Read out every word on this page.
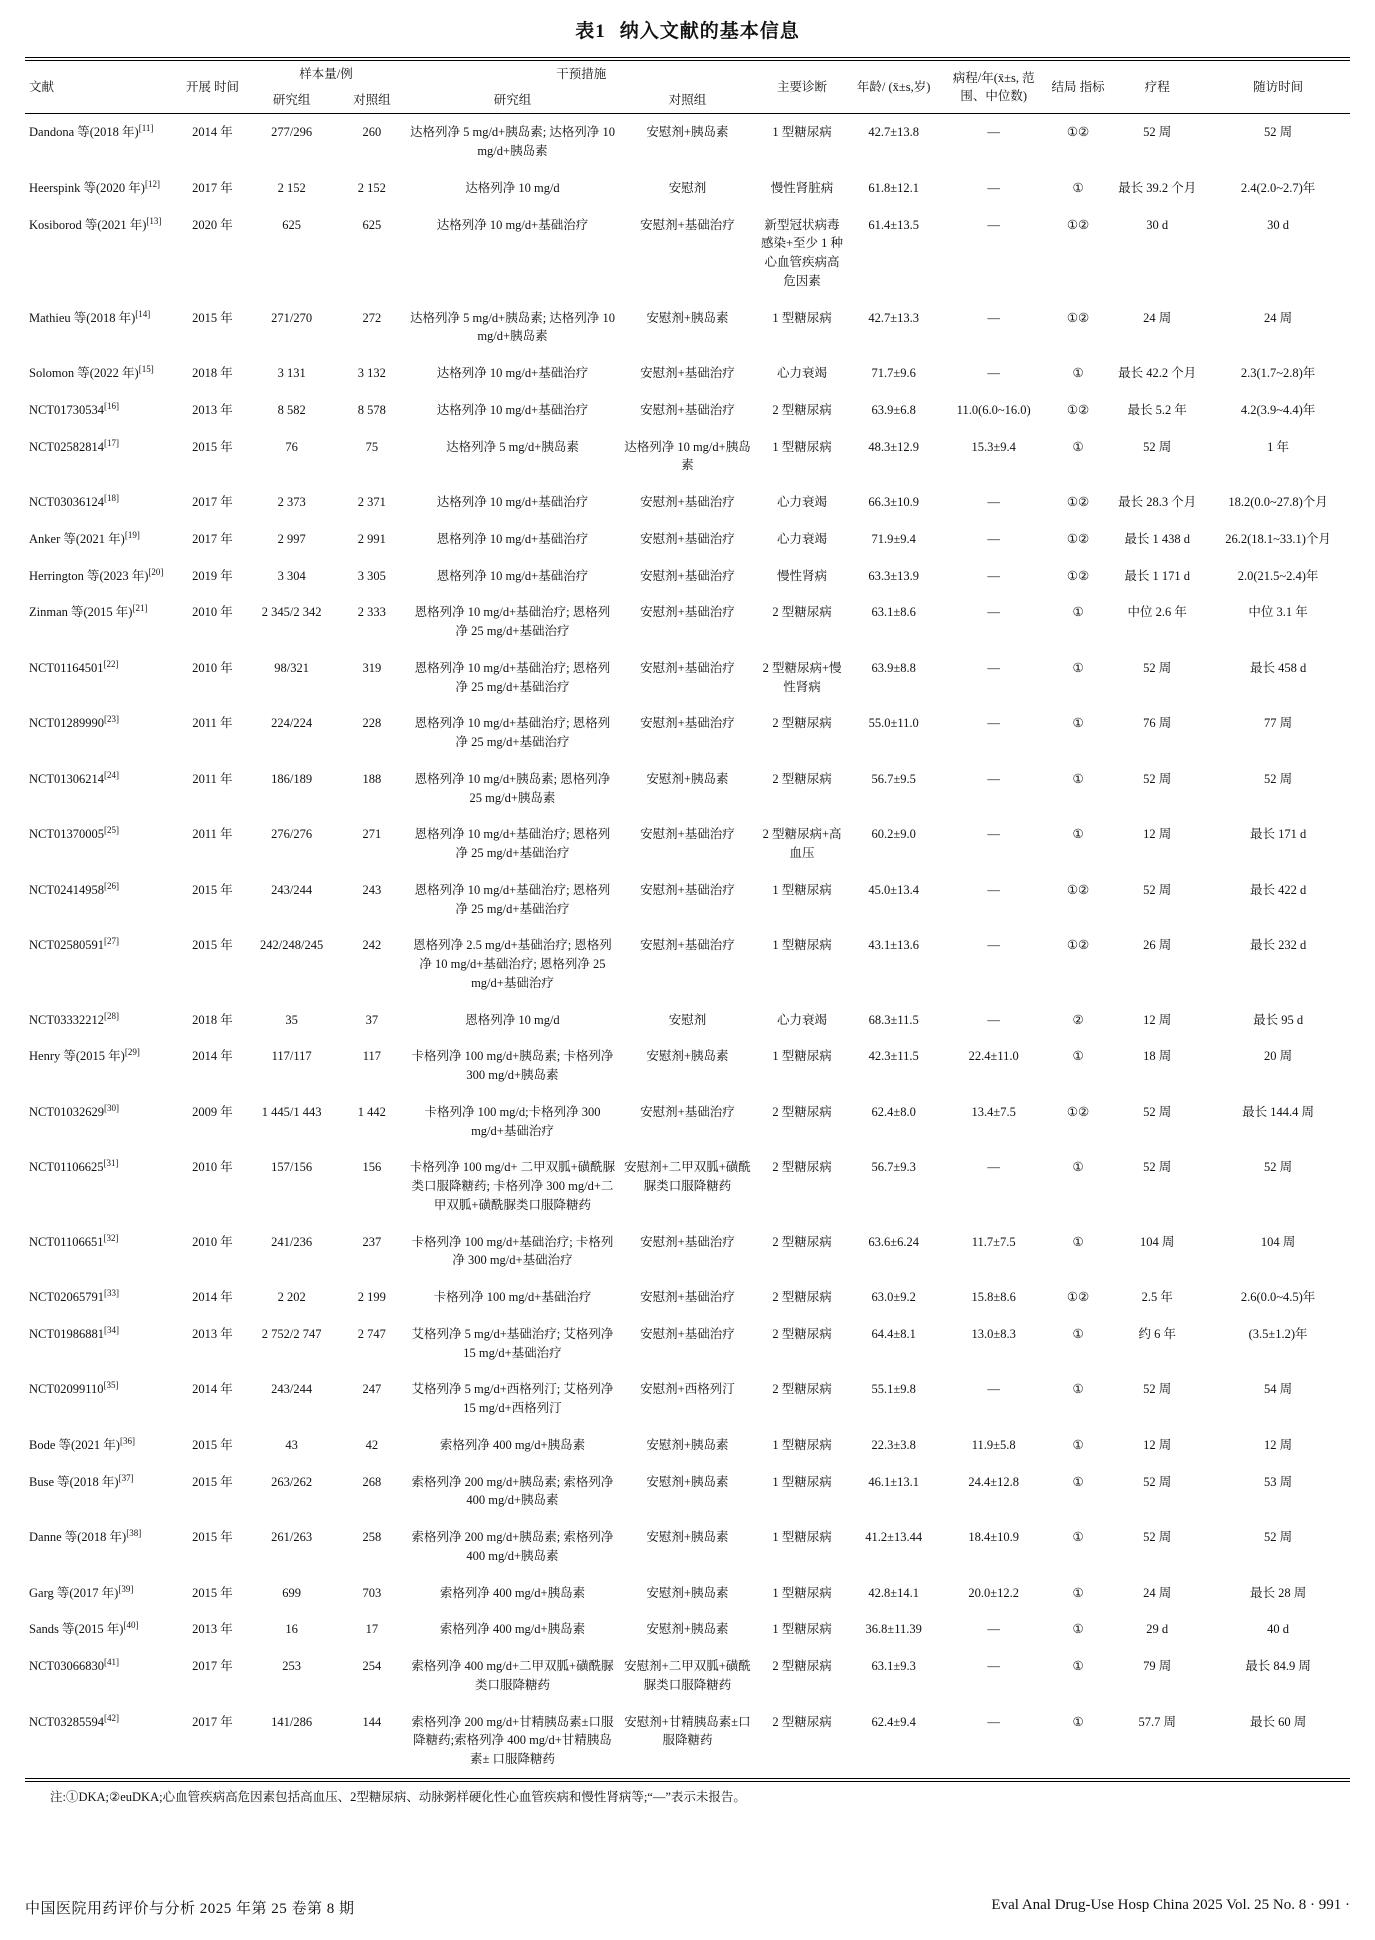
表1 纳入文献的基本信息
文献	开展 时间	样本量/例		干预措施		主要诊断	年龄/ (x̄±s,岁)	病程/年(x̄±s, 范围、中位数)	结局 指标	疗程	随访时间
		研究组	对照组	研究组	对照组						
Dandona 等(2018 年)[11]	2014 年	277/296	260	达格列净 5 mg/d+胰岛素; 达格列净 10 mg/d+胰岛素	安慰剂+胰岛素	1 型糖尿病	42.7±13.8	—	①②	52 周	52 周
Heerspink 等(2020 年)[12]	2017 年	2 152	2 152	达格列净 10 mg/d	安慰剂	慢性肾脏病	61.8±12.1	—	①	最长 39.2 个月	2.4(2.0~2.7)年
Kosiborod 等(2021 年)[13]	2020 年	625	625	达格列净 10 mg/d+基础治疗	安慰剂+基础治疗	新型冠状病毒感染+至少 1 种心血管疾病高危因素	61.4±13.5	—	①②	30 d	30 d
Mathieu 等(2018 年)[14]	2015 年	271/270	272	达格列净 5 mg/d+胰岛素; 达格列净 10 mg/d+胰岛素	安慰剂+胰岛素	1 型糖尿病	42.7±13.3	—	①②	24 周	24 周
Solomon 等(2022 年)[15]	2018 年	3 131	3 132	达格列净 10 mg/d+基础治疗	安慰剂+基础治疗	心力衰竭	71.7±9.6	—	①	最长 42.2 个月	2.3(1.7~2.8)年
NCT01730534[16]	2013 年	8 582	8 578	达格列净 10 mg/d+基础治疗	安慰剂+基础治疗	2 型糖尿病	63.9±6.8	11.0(6.0~16.0)	①②	最长 5.2 年	4.2(3.9~4.4)年
NCT02582814[17]	2015 年	76	75	达格列净 5 mg/d+胰岛素	达格列净 10 mg/d+胰岛素	1 型糖尿病	48.3±12.9	15.3±9.4	①	52 周	1 年
NCT03036124[18]	2017 年	2 373	2 371	达格列净 10 mg/d+基础治疗	安慰剂+基础治疗	心力衰竭	66.3±10.9	—	①②	最长 28.3 个月	18.2(0.0~27.8)个月
Anker 等(2021 年)[19]	2017 年	2 997	2 991	恩格列净 10 mg/d+基础治疗	安慰剂+基础治疗	心力衰竭	71.9±9.4	—	①②	最长 1 438 d	26.2(18.1~33.1)个月
Herrington 等(2023 年)[20]	2019 年	3 304	3 305	恩格列净 10 mg/d+基础治疗	安慰剂+基础治疗	慢性肾病	63.3±13.9	—	①②	最长 1 171 d	2.0(21.5~2.4)年
Zinman 等(2015 年)[21]	2010 年	2 345/2 342	2 333	恩格列净 10 mg/d+基础治疗; 恩格列净 25 mg/d+基础治疗	安慰剂+基础治疗	2 型糖尿病	63.1±8.6	—	①	中位 2.6 年	中位 3.1 年
NCT01164501[22]	2010 年	98/321	319	恩格列净 10 mg/d+基础治疗; 恩格列净 25 mg/d+基础治疗	安慰剂+基础治疗	2 型糖尿病+慢性肾病	63.9±8.8	—	①	52 周	最长 458 d
NCT01289990[23]	2011 年	224/224	228	恩格列净 10 mg/d+基础治疗; 恩格列净 25 mg/d+基础治疗	安慰剂+基础治疗	2 型糖尿病	55.0±11.0	—	①	76 周	77 周
NCT01306214[24]	2011 年	186/189	188	恩格列净 10 mg/d+胰岛素; 恩格列净 25 mg/d+胰岛素	安慰剂+胰岛素	2 型糖尿病	56.7±9.5	—	①	52 周	52 周
NCT01370005[25]	2011 年	276/276	271	恩格列净 10 mg/d+基础治疗; 恩格列净 25 mg/d+基础治疗	安慰剂+基础治疗	2 型糖尿病+高血压	60.2±9.0	—	①	12 周	最长 171 d
NCT02414958[26]	2015 年	243/244	243	恩格列净 10 mg/d+基础治疗; 恩格列净 25 mg/d+基础治疗	安慰剂+基础治疗	1 型糖尿病	45.0±13.4	—	①②	52 周	最长 422 d
NCT02580591[27]	2015 年	242/248/245	242	恩格列净 2.5 mg/d+基础治疗; 恩格列净 10 mg/d+基础治疗; 恩格列净 25 mg/d+基础治疗	安慰剂+基础治疗	1 型糖尿病	43.1±13.6	—	①②	26 周	最长 232 d
NCT03332212[28]	2018 年	35	37	恩格列净 10 mg/d	安慰剂	心力衰竭	68.3±11.5	—	②	12 周	最长 95 d
Henry 等(2015 年)[29]	2014 年	117/117	117	卡格列净 100 mg/d+胰岛素; 卡格列净 300 mg/d+胰岛素	安慰剂+胰岛素	1 型糖尿病	42.3±11.5	22.4±11.0	①	18 周	20 周
NCT01032629[30]	2009 年	1 445/1 443	1 442	卡格列净 100 mg/d;卡格列净 300 mg/d+基础治疗	安慰剂+基础治疗	2 型糖尿病	62.4±8.0	13.4±7.5	①②	52 周	最长 144.4 周
NCT01106625[31]	2010 年	157/156	156	卡格列净 100 mg/d+ 二甲双胍+磺酰脲类口服降糖药; 卡格列净 300 mg/d+二甲双胍+磺酰脲类口服降糖药	安慰剂+二甲双胍+磺酰脲类口服降糖药	2 型糖尿病	56.7±9.3	—	①	52 周	52 周
NCT01106651[32]	2010 年	241/236	237	卡格列净 100 mg/d+基础治疗; 卡格列净 300 mg/d+基础治疗	安慰剂+基础治疗	2 型糖尿病	63.6±6.24	11.7±7.5	①	104 周	104 周
NCT02065791[33]	2014 年	2 202	2 199	卡格列净 100 mg/d+基础治疗	安慰剂+基础治疗	2 型糖尿病	63.0±9.2	15.8±8.6	①②	2.5 年	2.6(0.0~4.5)年
NCT01986881[34]	2013 年	2 752/2 747	2 747	艾格列净 5 mg/d+基础治疗; 艾格列净 15 mg/d+基础治疗	安慰剂+基础治疗	2 型糖尿病	64.4±8.1	13.0±8.3	①	约 6 年	(3.5±1.2)年
NCT02099110[35]	2014 年	243/244	247	艾格列净 5 mg/d+西格列汀; 艾格列净 15 mg/d+西格列汀	安慰剂+西格列汀	2 型糖尿病	55.1±9.8	—	①	52 周	54 周
Bode 等(2021 年)[36]	2015 年	43	42	索格列净 400 mg/d+胰岛素	安慰剂+胰岛素	1 型糖尿病	22.3±3.8	11.9±5.8	①	12 周	12 周
Buse 等(2018 年)[37]	2015 年	263/262	268	索格列净 200 mg/d+胰岛素; 索格列净 400 mg/d+胰岛素	安慰剂+胰岛素	1 型糖尿病	46.1±13.1	24.4±12.8	①	52 周	53 周
Danne 等(2018 年)[38]	2015 年	261/263	258	索格列净 200 mg/d+胰岛素; 索格列净 400 mg/d+胰岛素	安慰剂+胰岛素	1 型糖尿病	41.2±13.44	18.4±10.9	①	52 周	52 周
Garg 等(2017 年)[39]	2015 年	699	703	索格列净 400 mg/d+胰岛素	安慰剂+胰岛素	1 型糖尿病	42.8±14.1	20.0±12.2	①	24 周	最长 28 周
Sands 等(2015 年)[40]	2013 年	16	17	索格列净 400 mg/d+胰岛素	安慰剂+胰岛素	1 型糖尿病	36.8±11.39	—	①	29 d	40 d
NCT03066830[41]	2017 年	253	254	索格列净 400 mg/d+二甲双胍+磺酰脲类口服降糖药	安慰剂+二甲双胍+磺酰脲类口服降糖药	2 型糖尿病	63.1±9.3	—	①	79 周	最长 84.9 周
NCT03285594[42]	2017 年	141/286	144	索格列净 200 mg/d+甘精胰岛素±口服降糖药;索格列净 400 mg/d+甘精胰岛素± 口服降糖药	安慰剂+甘精胰岛素±口服降糖药	2 型糖尿病	62.4±9.4	—	①	57.7 周	最长 60 周
注:①DKA;②euDKA;心血管疾病高危因素包括高血压、2型糖尿病、动脉粥样硬化性心血管疾病和慢性肾病等;“—”表示未报告。
中国医院用药评价与分析 2025 年第 25 卷第 8 期	Eval Anal Drug-Use Hosp China 2025 Vol. 25 No. 8 · 991 ·
